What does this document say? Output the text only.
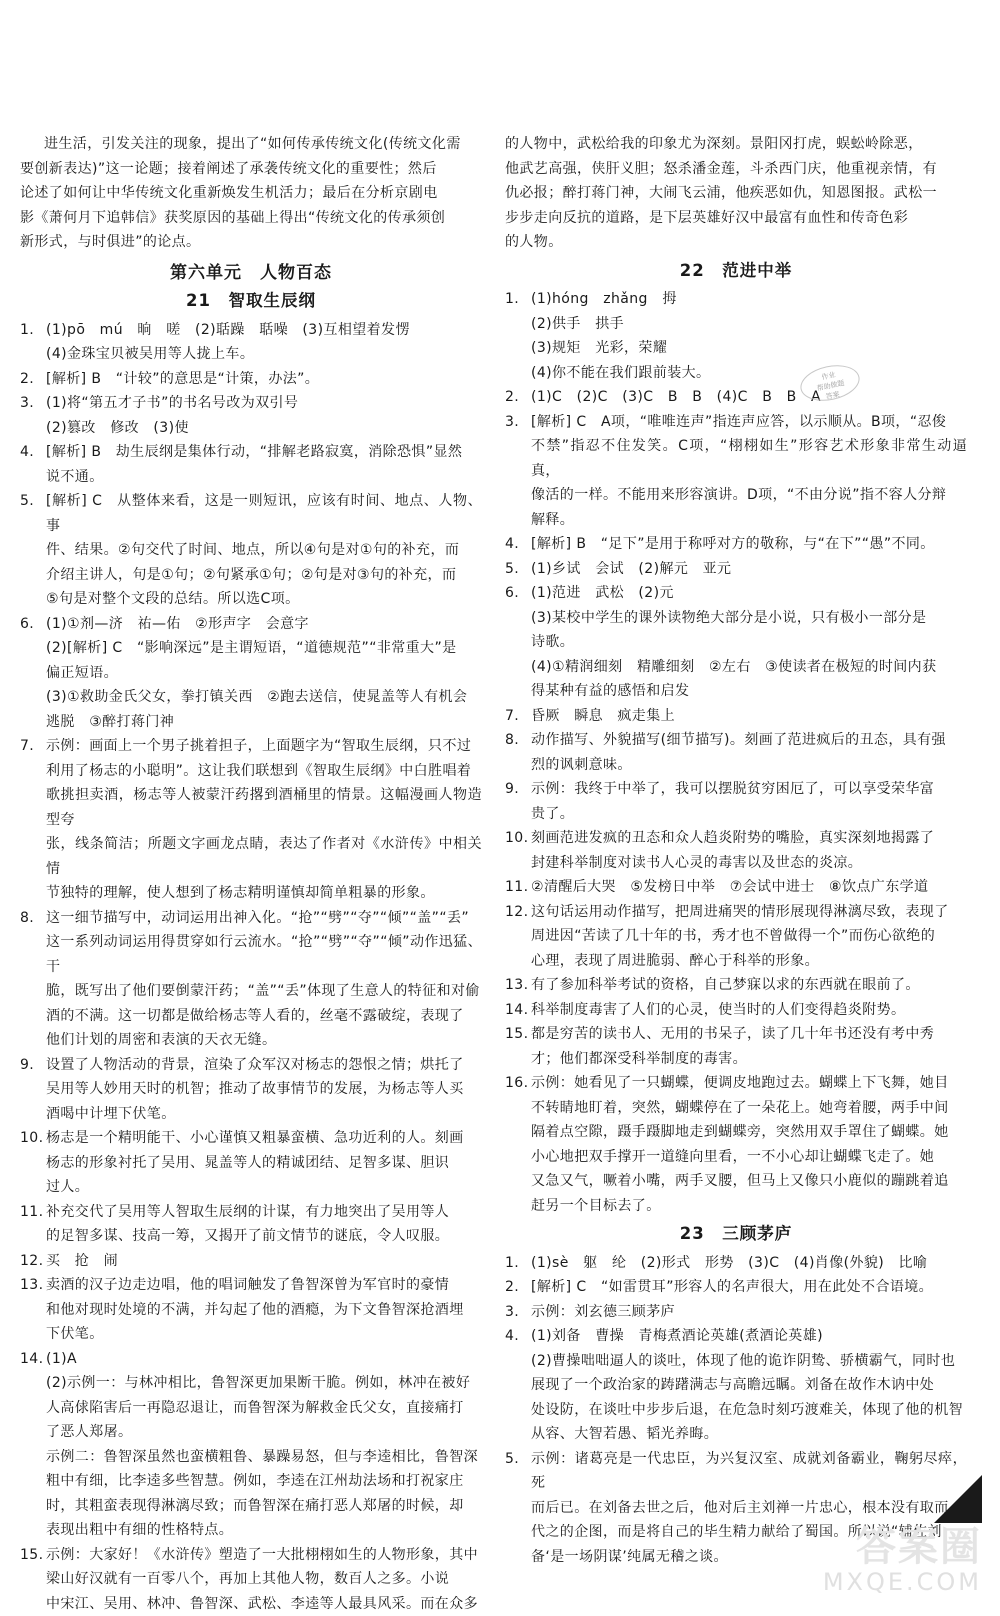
进生活，引发关注的现象，提出了“如何传承传统文化(传统文化需
要创新表达)”这一论题；接着阐述了承袭传统文化的重要性；然后
论述了如何让中华传统文化重新焕发生机活力；最后在分析京剧电
影《萧何月下追韩信》获奖原因的基础上得出“传统文化的传承须创
新形式，与时俱进”的论点。
第六单元　人物百态
21　智取生辰纲
1. (1)pō　mú　晌　嗟　(2)聒躁　聒噪　(3)互相望着发愣
(4)金珠宝贝被吴用等人拢上车。
2. [解析] B　“计较”的意思是“计策，办法”。
3. (1)将“第五才子书”的书名号改为双引号
(2)篡改　修改　(3)使
4. [解析] B　劫生辰纲是集体行动，“排解老路寂寞，消除恐惧”显然
说不通。
5. [解析] C　从整体来看，这是一则短讯，应该有时间、地点、人物、事
件、结果。②句交代了时间、地点，所以④句是对①句的补充，而
介绍主讲人，句是①句；②句紧承①句；②句是对③句的补充，而
⑤句是对整个文段的总结。所以选C项。
6. (1)①剂—济　祐—佑　②形声字　会意字
(2)[解析] C　“影响深远”是主谓短语，“道德规范”“非常重大”是
偏正短语。
(3)①救助金氏父女，拳打镇关西　②跑去送信，使晁盖等人有机会
逃脱　③醉打蒋门神
7. 示例：画面上一个男子挑着担子，上面题字为“智取生辰纲，只不过
利用了杨志的小聪明”。这让我们联想到《智取生辰纲》中白胜唱着
歌挑担卖酒，杨志等人被蒙汗药撂到酒桶里的情景。这幅漫画人物造型夸
张，线条简洁；所题文字画龙点睛，表达了作者对《水浒传》中相关情
节独特的理解，使人想到了杨志精明谨慎却简单粗暴的形象。
8. 这一细节描写中，动词运用出神入化。“抢”“劈”“夺”“倾”“盖”“丢”
这一系列动词运用得贯穿如行云流水。“抢”“劈”“夺”“倾”动作迅猛、干
脆，既写出了他们要倒蒙汗药；“盖”“丢”体现了生意人的特征和对偷
酒的不满。这一切都是做给杨志等人看的，丝毫不露破绽，表现了
他们计划的周密和表演的天衣无缝。
9. 设置了人物活动的背景，渲染了众军汉对杨志的怨恨之情；烘托了
吴用等人妙用天时的机智；推动了故事情节的发展，为杨志等人买
酒喝中计埋下伏笔。
10. 杨志是一个精明能干、小心谨慎又粗暴蛮横、急功近利的人。刻画
杨志的形象衬托了吴用、晁盖等人的精诚团结、足智多谋、胆识
过人。
11. 补充交代了吴用等人智取生辰纲的计谋，有力地突出了吴用等人
的足智多谋、技高一筹，又揭开了前文情节的谜底，令人叹服。
12. 买　抢　闹
13. 卖酒的汉子边走边唱，他的唱词触发了鲁智深曾为军官时的豪情
和他对现时处境的不满，并勾起了他的酒瘾，为下文鲁智深抢酒埋
下伏笔。
14. (1)A
(2)示例一：与林冲相比，鲁智深更加果断干脆。例如，林冲在被好
人高俅陷害后一再隐忍退让，而鲁智深为解救金氏父女，直接痛打
了恶人郑屠。
示例二：鲁智深虽然也蛮横粗鲁、暴躁易怒，但与李逵相比，鲁智深
粗中有细，比李逵多些智慧。例如，李逵在江州劫法场和打祝家庄
时，其粗蛮表现得淋漓尽致；而鲁智深在痛打恶人郑屠的时候，却
表现出粗中有细的性格特点。
15. 示例：大家好！《水浒传》塑造了一大批栩栩如生的人物形象，其中
梁山好汉就有一百零八个，再加上其他人物，数百人之多。小说
中宋江、吴用、林冲、鲁智深、武松、李逵等人最具风采。而在众多
的人物中，武松给我的印象尤为深刻。景阳冈打虎，蜈蚣岭除恶，
他武艺高强，侠肝义胆；怒杀潘金莲，斗杀西门庆，他重视亲情，有
仇必报；醉打蒋门神，大闹飞云浦，他疾恶如仇，知恩图报。武松一
步步走向反抗的道路，是下层英雄好汉中最富有血性和传奇色彩
的人物。
22　范进中举
1. (1)hóng　zhǎng　拇
(2)供手　拱手
(3)规矩　光彩，荣耀
(4)你不能在我们跟前装大。
2. (1)C　(2)C　(3)C　B　B　(4)C　B　B　A
3. [解析] C　A项，“唯唯连声”指连声应答，以示顺从。B项，“忍俊
不禁”指忍不住发笑。C项，“栩栩如生”形容艺术形象非常生动逼真，
像活的一样。不能用来形容演讲。D项，“不由分说”指不容人分辩
解释。
4. [解析] B　“足下”是用于称呼对方的敬称，与“在下”“愚”不同。
5. (1)乡试　会试　(2)解元　亚元
6. (1)范进　武松　(2)元
(3)某校中学生的课外读物绝大部分是小说，只有极小一部分是
诗歌。
(4)①精润细刻　精雕细刻　②左右　③使读者在极短的时间内获
得某种有益的感悟和启发
7. 昏厥　瞬息　疯走集上
8. 动作描写、外貌描写(细节描写)。刻画了范进疯后的丑态，具有强
烈的讽刺意味。
9. 示例：我终于中举了，我可以摆脱贫穷困厄了，可以享受荣华富
贵了。
10. 刻画范进发疯的丑态和众人趋炎附势的嘴脸，真实深刻地揭露了
封建科举制度对读书人心灵的毒害以及世态的炎凉。
11. ②清醒后大哭　⑤发榜日中举　⑦会试中进士　⑧饮点广东学道
12. 这句话运用动作描写，把周进痛哭的情形展现得淋漓尽致，表现了
周进因“苦读了几十年的书，秀才也不曾做得一个”而伤心欲绝的
心理，表现了周进脆弱、醉心于科举的形象。
13. 有了参加科举考试的资格，自己梦寐以求的东西就在眼前了。
14. 科举制度毒害了人们的心灵，使当时的人们变得趋炎附势。
15. 都是穷苦的读书人、无用的书呆子，读了几十年书还没有考中秀
才；他们都深受科举制度的毒害。
16. 示例：她看见了一只蝴蝶，便调皮地跑过去。蝴蝶上下飞舞，她目
不转睛地盯着，突然，蝴蝶停在了一朵花上。她弯着腰，两手中间
隔着点空隙，蹑手蹑脚地走到蝴蝶旁，突然用双手罩住了蝴蝶。她
小心地把双手撑开一道缝向里看，一不小心却让蝴蝶飞走了。她
又急又气，噘着小嘴，两手叉腰，但马上又像只小鹿似的蹦跳着追
赶另一个目标去了。
23　三顾茅庐
1. (1)sè　躯　纶　(2)形式　形势　(3)C　(4)肖像(外貌)　比喻
2. [解析] C　“如雷贯耳”形容人的名声很大，用在此处不合语境。
3. 示例：刘玄德三顾茅庐
4. (1)刘备　曹操　青梅煮酒论英雄(煮酒论英雄)
(2)曹操咄咄逼人的谈吐，体现了他的诡诈阴鸷、骄横霸气，同时也
展现了一个政治家的踌躇满志与高瞻远瞩。刘备在故作木讷中处
处设防，在谈吐中步步后退，在危急时刻巧渡难关，体现了他的机智
从容、大智若愚、韬光养晦。
5. 示例：诸葛亮是一代忠臣，为兴复汉室、成就刘备霸业，鞠躬尽瘁，死
而后已。在刘备去世之后，他对后主刘禅一片忠心，根本没有取而
代之的企图，而是将自己的毕生精力献给了蜀国。所以说“辅佐刘
备‘是一场阴谋’纯属无稽之谈。
作业
帮助做题
答案
答案圈
MXQE.COM
